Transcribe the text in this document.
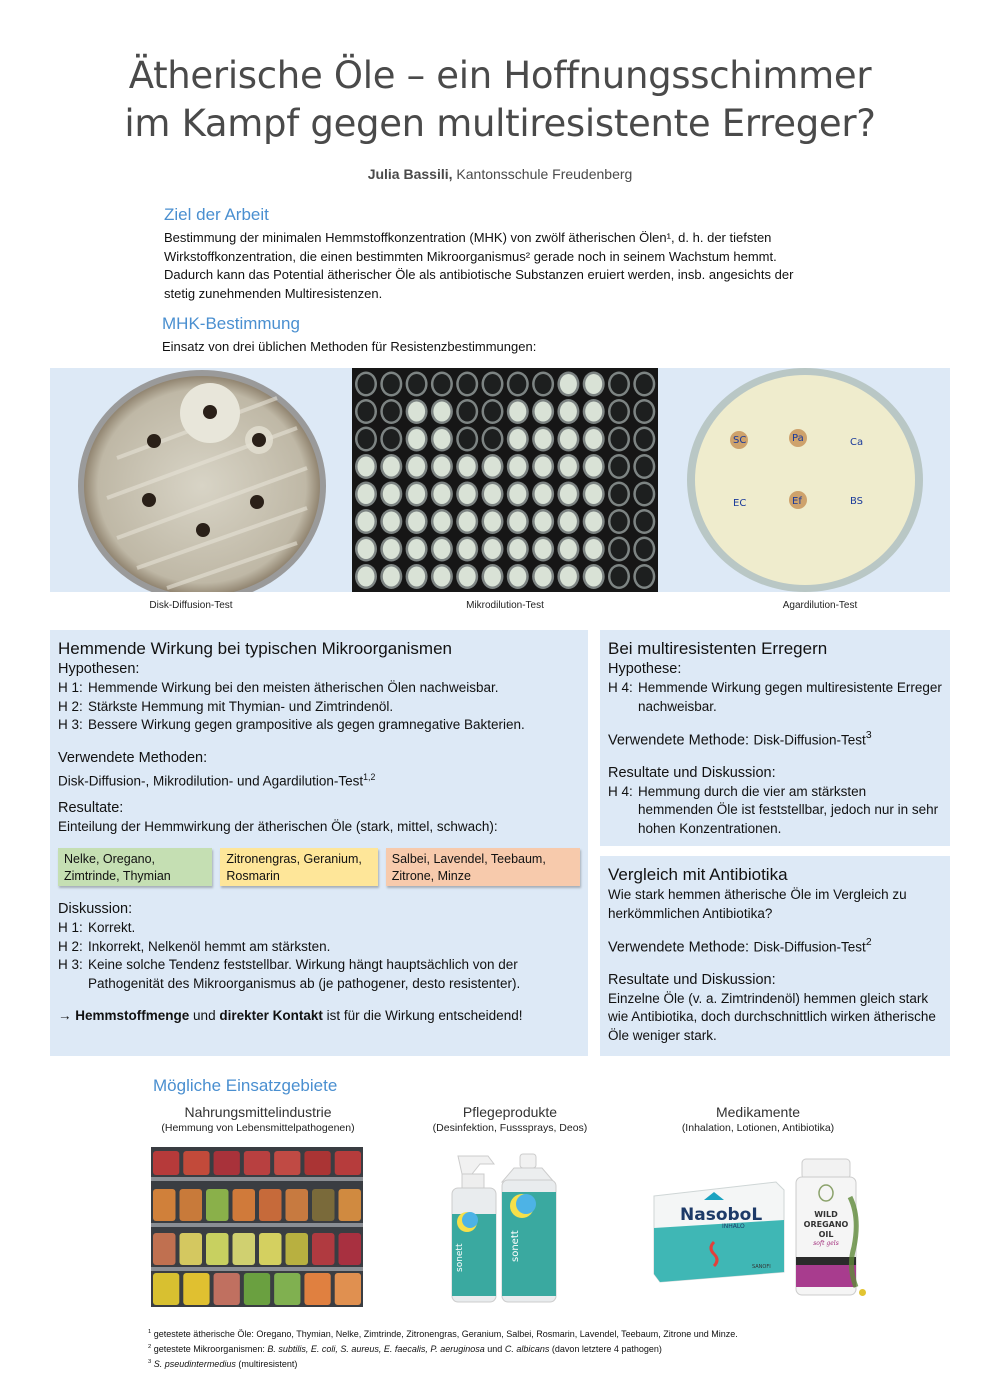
Ätherische Öle – ein Hoffnungsschimmer
im Kampf gegen multiresistente Erreger?
Julia Bassili, Kantonsschule Freudenberg
Ziel der Arbeit
Bestimmung der minimalen Hemmstoffkonzentration (MHK) von zwölf ätherischen Ölen¹, d. h. der tiefsten
Wirkstoffkonzentration, die einen bestimmten Mikroorganismus² gerade noch in seinem Wachstum hemmt.
Dadurch kann das Potential ätherischer Öle als antibiotische Substanzen eruiert werden, insb. angesichts der
stetig zunehmenden Multiresistenzen.
MHK-Bestimmung
Einsatz von drei üblichen Methoden für Resistenzbestimmungen:
SC	Pa	Ca
EC	Ef	BS
Disk-Diffusion-Test	Mikrodilution-Test	Agardilution-Test
Hemmende Wirkung bei typischen Mikroorganismen
Hypothesen:
H 1: Hemmende Wirkung bei den meisten ätherischen Ölen nachweisbar.
H 2: Stärkste Hemmung mit Thymian- und Zimtrindenöl.
H 3: Bessere Wirkung gegen grampositive als gegen gramnegative Bakterien.
Verwendete Methoden:
Disk-Diffusion-, Mikrodilution- und Agardilution-Test$^{1,2}$
Resultate:
Einteilung der Hemmwirkung der ätherischen Öle (stark, mittel, schwach):
Nelke, Oregano, Zimtrinde, Thymian
Zitronengras, Geranium, Rosmarin
Salbei, Lavendel, Teebaum, Zitrone, Minze
Diskussion:
H 1: Korrekt.
H 2: Inkorrekt, Nelkenöl hemmt am stärksten.
H 3: Keine solche Tendenz feststellbar. Wirkung hängt hauptsächlich von der Pathogenität des Mikroorganismus ab (je pathogener, desto resistenter).
→ Hemmstoffmenge und direkter Kontakt ist für die Wirkung entscheidend!
Bei multiresistenten Erregern
Hypothese:
H 4: Hemmende Wirkung gegen multiresistente Erreger nachweisbar.
Verwendete Methode: Disk-Diffusion-Test$^3$
Resultate und Diskussion:
H 4: Hemmung durch die vier am stärksten hemmenden Öle ist feststellbar, jedoch nur in sehr hohen Konzentrationen.
Vergleich mit Antibiotika
Wie stark hemmen ätherische Öle im Vergleich zu herkömmlichen Antibiotika?
Verwendete Methode: Disk-Diffusion-Test$^2$
Resultate und Diskussion:
Einzelne Öle (v. a. Zimtrindenöl) hemmen gleich stark wie Antibiotika, doch durchschnittlich wirken ätherische Öle weniger stark.
Mögliche Einsatzgebiete
Nahrungsmittelindustrie
(Hemmung von Lebensmittelpathogenen)
Pflegeprodukte
(Desinfektion, Fusssprays, Deos)
Medikamente
(Inhalation, Lotionen, Antibiotika)
sonett	sonett
NasoboL
INHALO
SANOFI
WILD
OREGANO
OIL
soft gels
$^1$ getestete ätherische Öle: Oregano, Thymian, Nelke, Zimtrinde, Zitronengras, Geranium, Salbei, Rosmarin, Lavendel, Teebaum, Zitrone und Minze.
$^2$ getestete Mikroorganismen: B. subtilis, E. coli, S. aureus, E. faecalis, P. aeruginosa und C. albicans (davon letztere 4 pathogen)
$^3$ S. pseudintermedius (multiresistent)
